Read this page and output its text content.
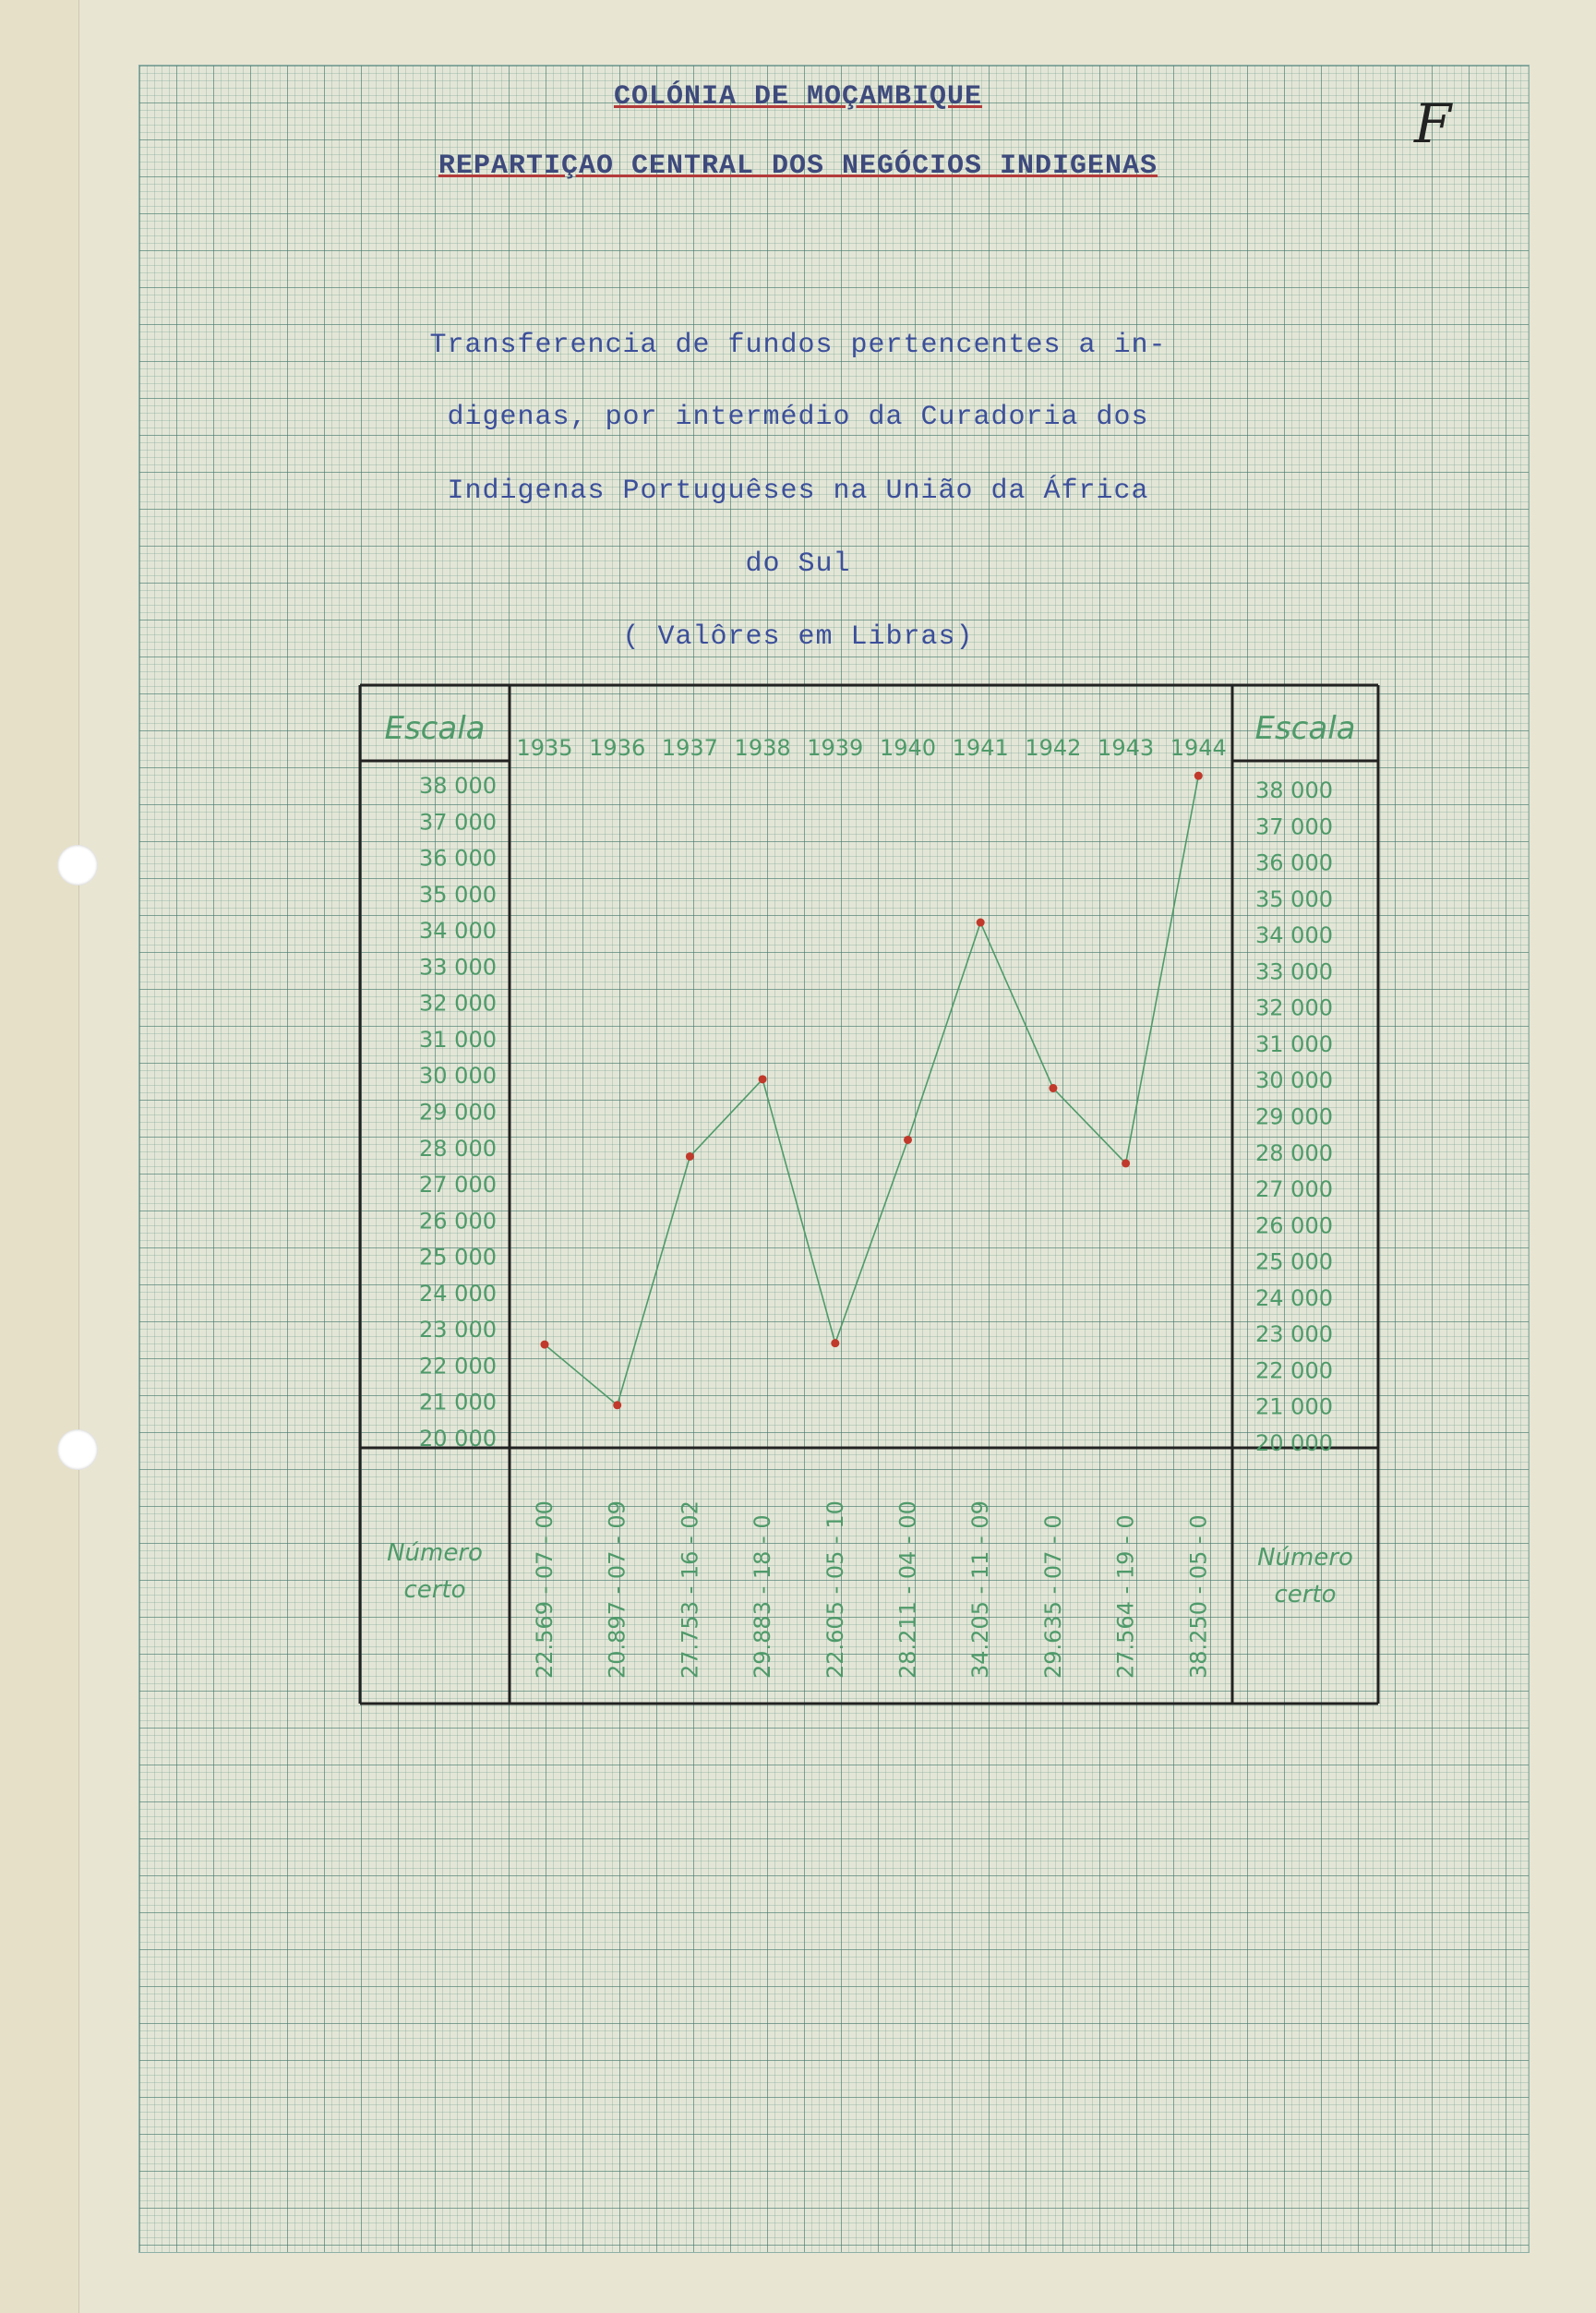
F
COLÓNIA DE MOÇAMBIQUE
REPARTIÇAO CENTRAL DOS NEGÓCIOS INDIGENAS
Transferencia de fundos pertencentes a in-
digenas, por intermédio da Curadoria dos
Indigenas Portuguêses na União da África
do Sul
( Valôres em Libras)
Escala	Escala
Número
certo
Número
certo
38 000
37 000
36 000
35 000
34 000
33 000
32 000
31 000
30 000
29 000
28 000
27 000
26 000
25 000
24 000
23 000
22 000
21 000
20 000
38 000
37 000
36 000
35 000
34 000
33 000
32 000
31 000
30 000
29 000
28 000
27 000
26 000
25 000
24 000
23 000
22 000
21 000
20 000
1935 1936 1937 1938 1939 1940 1941 1942 1943 1944
22.569 - 07 - 00 20.897 - 07 - 09 27.753 - 16 - 02 29.883 - 18 - 0 22.605 - 05 - 10 28.211 - 04 - 00 34.205 - 11 - 09 29.635 - 07 - 0 27.564 - 19 - 0 38.250 - 05 - 0
